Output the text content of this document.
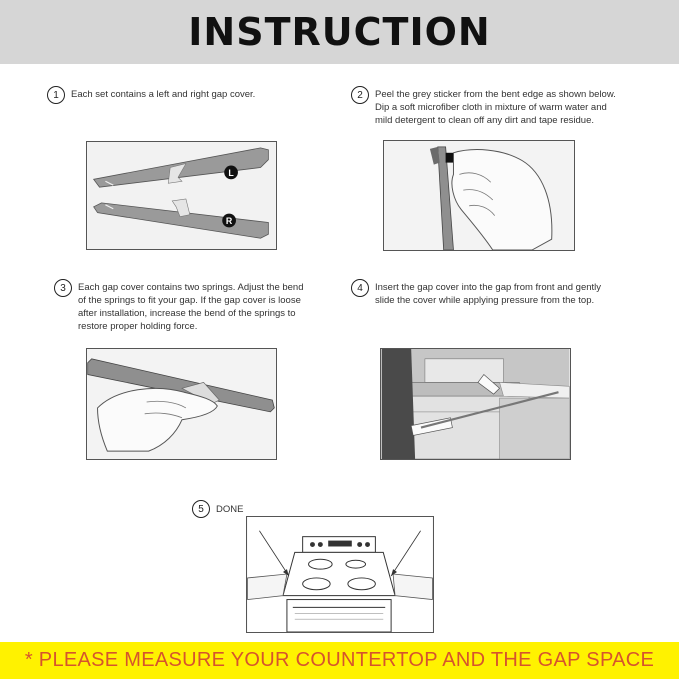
INSTRUCTION
1	Each set contains a left and right gap cover.	2	Peel the grey sticker from the bent edge as shown below.
Dip a soft microfiber cloth in mixture of warm water and
mild detergent to clean off any dirt and tape residue.
3	Each gap cover contains two springs. Adjust the bend
of the springs to fit your gap. If the gap cover is loose
after installation, increase the bend of the springs to
restore proper holding force.
4	Insert the gap cover into the gap from front and gently
slide the cover while applying pressure from the top.
5	DONE
L
R
* PLEASE MEASURE YOUR COUNTERTOP AND THE GAP SPACE
